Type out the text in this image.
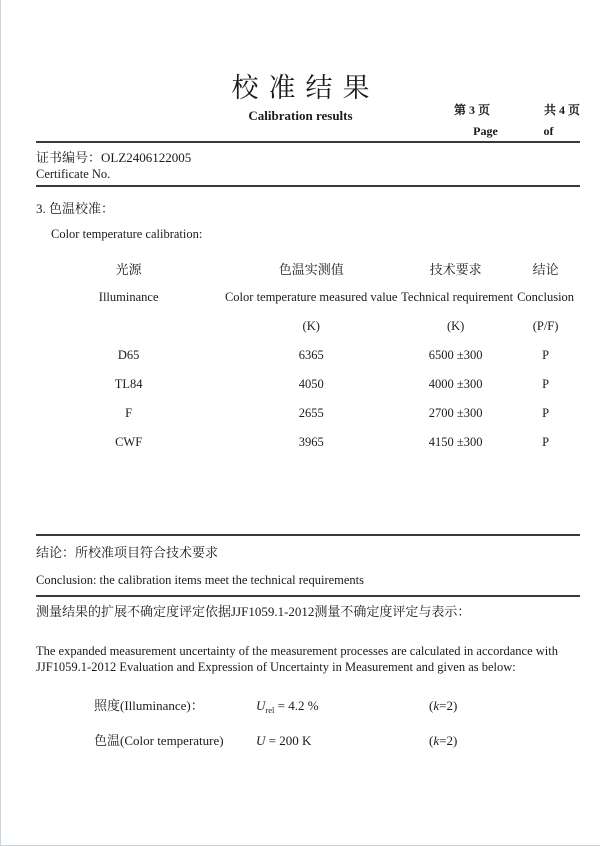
校准结果
Calibration results	第 3 页	共 4 页
Page	of
证书编号：OLZ2406122005
Certificate No.
3. 色温校准：
Color temperature calibration:
光源	色温实测值	技术要求	结论
Illuminance	Color temperature measured value	Technical requirement	Conclusion
	(K)	(K)	(P/F)
D65	6365	6500 ±300	P
TL84	4050	4000 ±300	P
F	2655	2700 ±300	P
CWF	3965	4150 ±300	P
结论：所校准项目符合技术要求
Conclusion: the calibration items meet the technical requirements
测量结果的扩展不确定度评定依据JJF1059.1-2012测量不确定度评定与表示：
The expanded measurement uncertainty of the measurement processes are calculated in accordance with JJF1059.1-2012 Evaluation and Expression of Uncertainty in Measurement and given as below:
照度(Illuminance)：	$U_{rel} = 4.2$ %	(k=2)
色温(Color temperature)	U = 200 K	(k=2)
